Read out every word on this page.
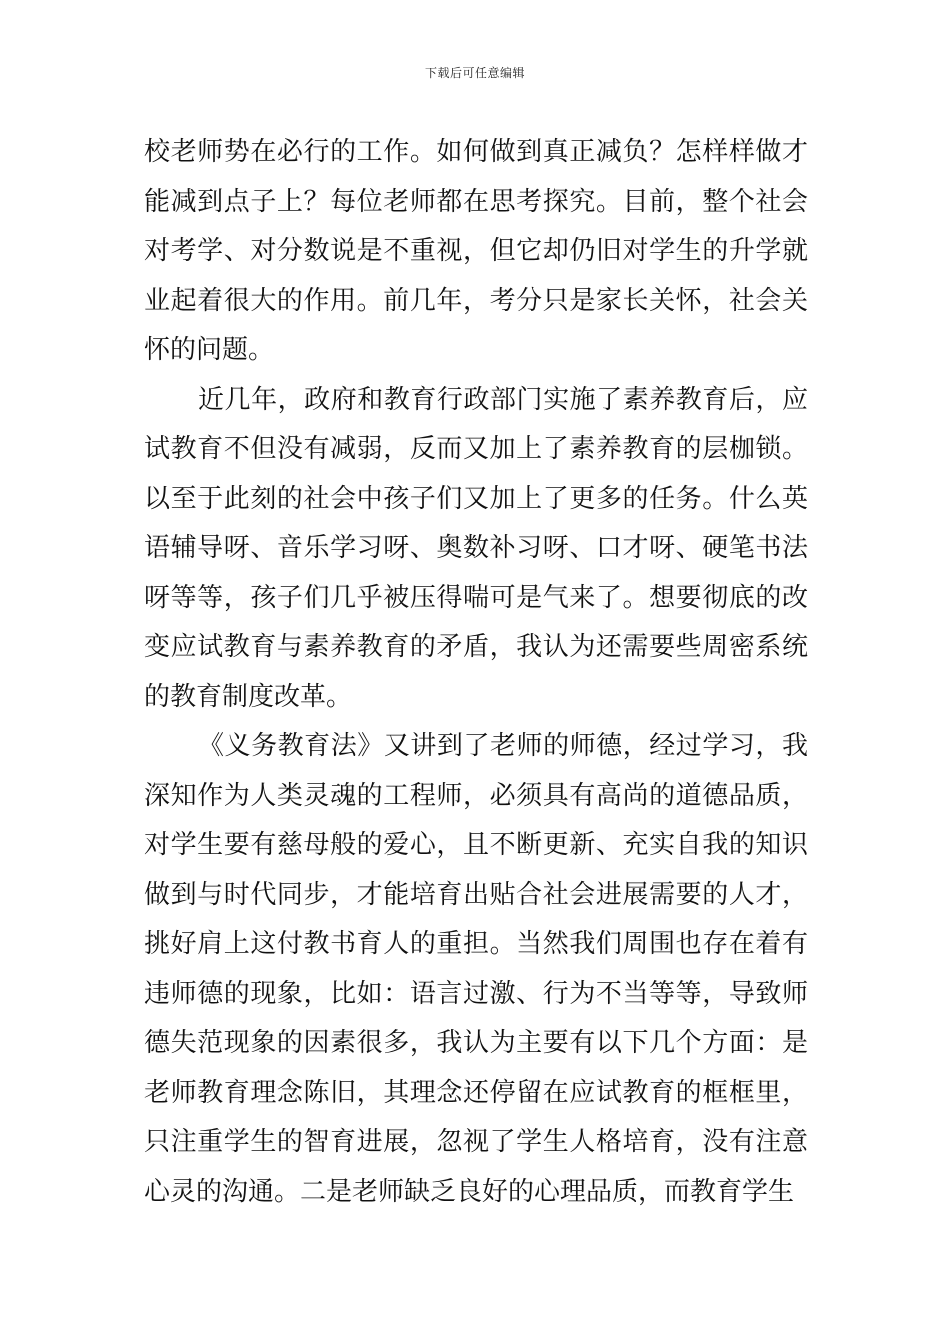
下载后可任意编辑

校老师势在必行的工作。如何做到真正减负？怎样样做才能减到点子上？每位老师都在思考探究。目前，整个社会对考学、对分数说是不重视，但它却仍旧对学生的升学就业起着很大的作用。前几年，考分只是家长关怀，社会关怀的问题。

近几年，政府和教育行政部门实施了素养教育后，应试教育不但没有减弱，反而又加上了素养教育的层枷锁。以至于此刻的社会中孩子们又加上了更多的任务。什么英语辅导呀、音乐学习呀、奥数补习呀、口才呀、硬笔书法呀等等，孩子们几乎被压得喘可是气来了。想要彻底的改变应试教育与素养教育的矛盾，我认为还需要些周密系统的教育制度改革。

《义务教育法》又讲到了老师的师德，经过学习，我深知作为人类灵魂的工程师，必须具有高尚的道德品质，对学生要有慈母般的爱心，且不断更新、充实自我的知识做到与时代同步，才能培育出贴合社会进展需要的人才，挑好肩上这付教书育人的重担。当然我们周围也存在着有违师德的现象，比如：语言过激、行为不当等等，导致师德失范现象的因素很多，我认为主要有以下几个方面：是老师教育理念陈旧，其理念还停留在应试教育的框框里，只注重学生的智育进展，忽视了学生人格培育，没有注意心灵的沟通。二是老师缺乏良好的心理品质，而教育学生
